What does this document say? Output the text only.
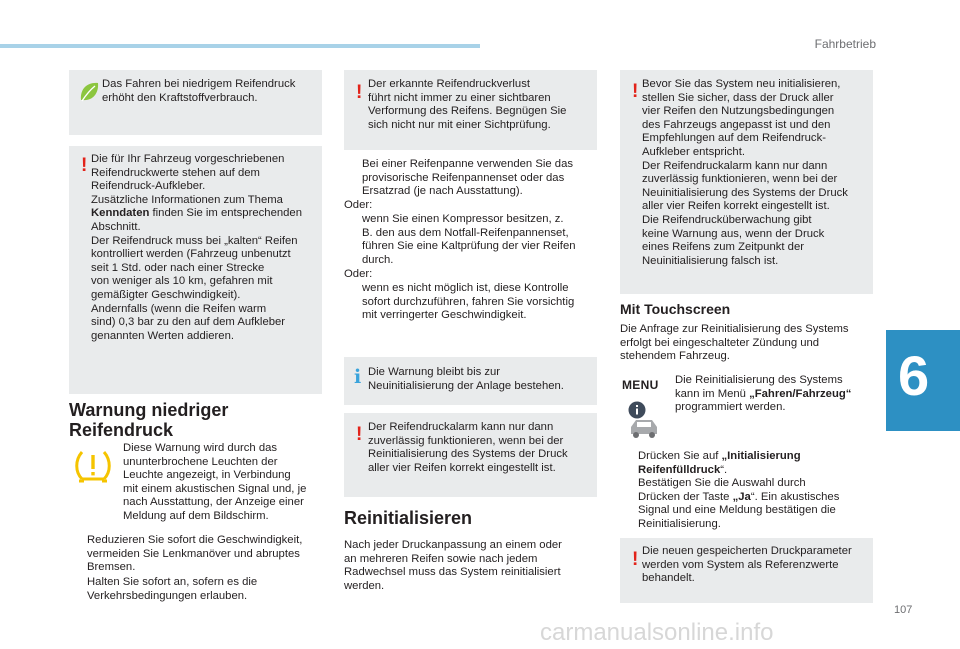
Fahrbetrieb
6
107
carmanualsonline.info
Das Fahren bei niedrigem Reifendruck
erhöht den Kraftstoffverbrauch.
! Die für Ihr Fahrzeug vorgeschriebenen
Reifendruckwerte stehen auf dem
Reifendruck-Aufkleber.
Zusätzliche Informationen zum Thema
Kenndaten finden Sie im entsprechenden
Abschnitt.
Der Reifendruck muss bei „kalten“ Reifen
kontrolliert werden (Fahrzeug unbenutzt
seit 1 Std. oder nach einer Strecke
von weniger als 10 km, gefahren mit
gemäßigter Geschwindigkeit).
Andernfalls (wenn die Reifen warm
sind) 0,3 bar zu den auf dem Aufkleber
genannten Werten addieren.
Warnung niedriger
Reifendruck
Diese Warnung wird durch das
ununterbrochene Leuchten der
Leuchte angezeigt, in Verbindung
mit einem akustischen Signal und, je
nach Ausstattung, der Anzeige einer
Meldung auf dem Bildschirm.
Reduzieren Sie sofort die Geschwindigkeit,
vermeiden Sie Lenkmanöver und abruptes
Bremsen.
Halten Sie sofort an, sofern es die
Verkehrsbedingungen erlauben.
! Der erkannte Reifendruckverlust
führt nicht immer zu einer sichtbaren
Verformung des Reifens. Begnügen Sie
sich nicht nur mit einer Sichtprüfung.
Bei einer Reifenpanne verwenden Sie das
provisorische Reifenpannenset oder das
Ersatzrad (je nach Ausstattung).
Oder:
wenn Sie einen Kompressor besitzen, z.
B. den aus dem Notfall-Reifenpannenset,
führen Sie eine Kaltprüfung der vier Reifen
durch.
Oder:
wenn es nicht möglich ist, diese Kontrolle
sofort durchzuführen, fahren Sie vorsichtig
mit verringerter Geschwindigkeit.
i Die Warnung bleibt bis zur
Neuinitialisierung der Anlage bestehen.
! Der Reifendruckalarm kann nur dann
zuverlässig funktionieren, wenn bei der
Reinitialisierung des Systems der Druck
aller vier Reifen korrekt eingestellt ist.
Reinitialisieren
Nach jeder Druckanpassung an einem oder
an mehreren Reifen sowie nach jedem
Radwechsel muss das System reinitialisiert
werden.
! Bevor Sie das System neu initialisieren,
stellen Sie sicher, dass der Druck aller
vier Reifen den Nutzungsbedingungen
des Fahrzeugs angepasst ist und den
Empfehlungen auf dem Reifendruck-
Aufkleber entspricht.
Der Reifendruckalarm kann nur dann
zuverlässig funktionieren, wenn bei der
Neuinitialisierung des Systems der Druck
aller vier Reifen korrekt eingestellt ist.
Die Reifendrucküberwachung gibt
keine Warnung aus, wenn der Druck
eines Reifens zum Zeitpunkt der
Neuinitialisierung falsch ist.
Mit Touchscreen
Die Anfrage zur Reinitialisierung des Systems
erfolgt bei eingeschalteter Zündung und
stehendem Fahrzeug.
MENU Die Reinitialisierung des Systems
kann im Menü „Fahren/Fahrzeug“
programmiert werden.
Drücken Sie auf „Initialisierung
Reifenfülldruck“.
Bestätigen Sie die Auswahl durch
Drücken der Taste „Ja“. Ein akustisches
Signal und eine Meldung bestätigen die
Reinitialisierung.
! Die neuen gespeicherten Druckparameter
werden vom System als Referenzwerte
behandelt.
